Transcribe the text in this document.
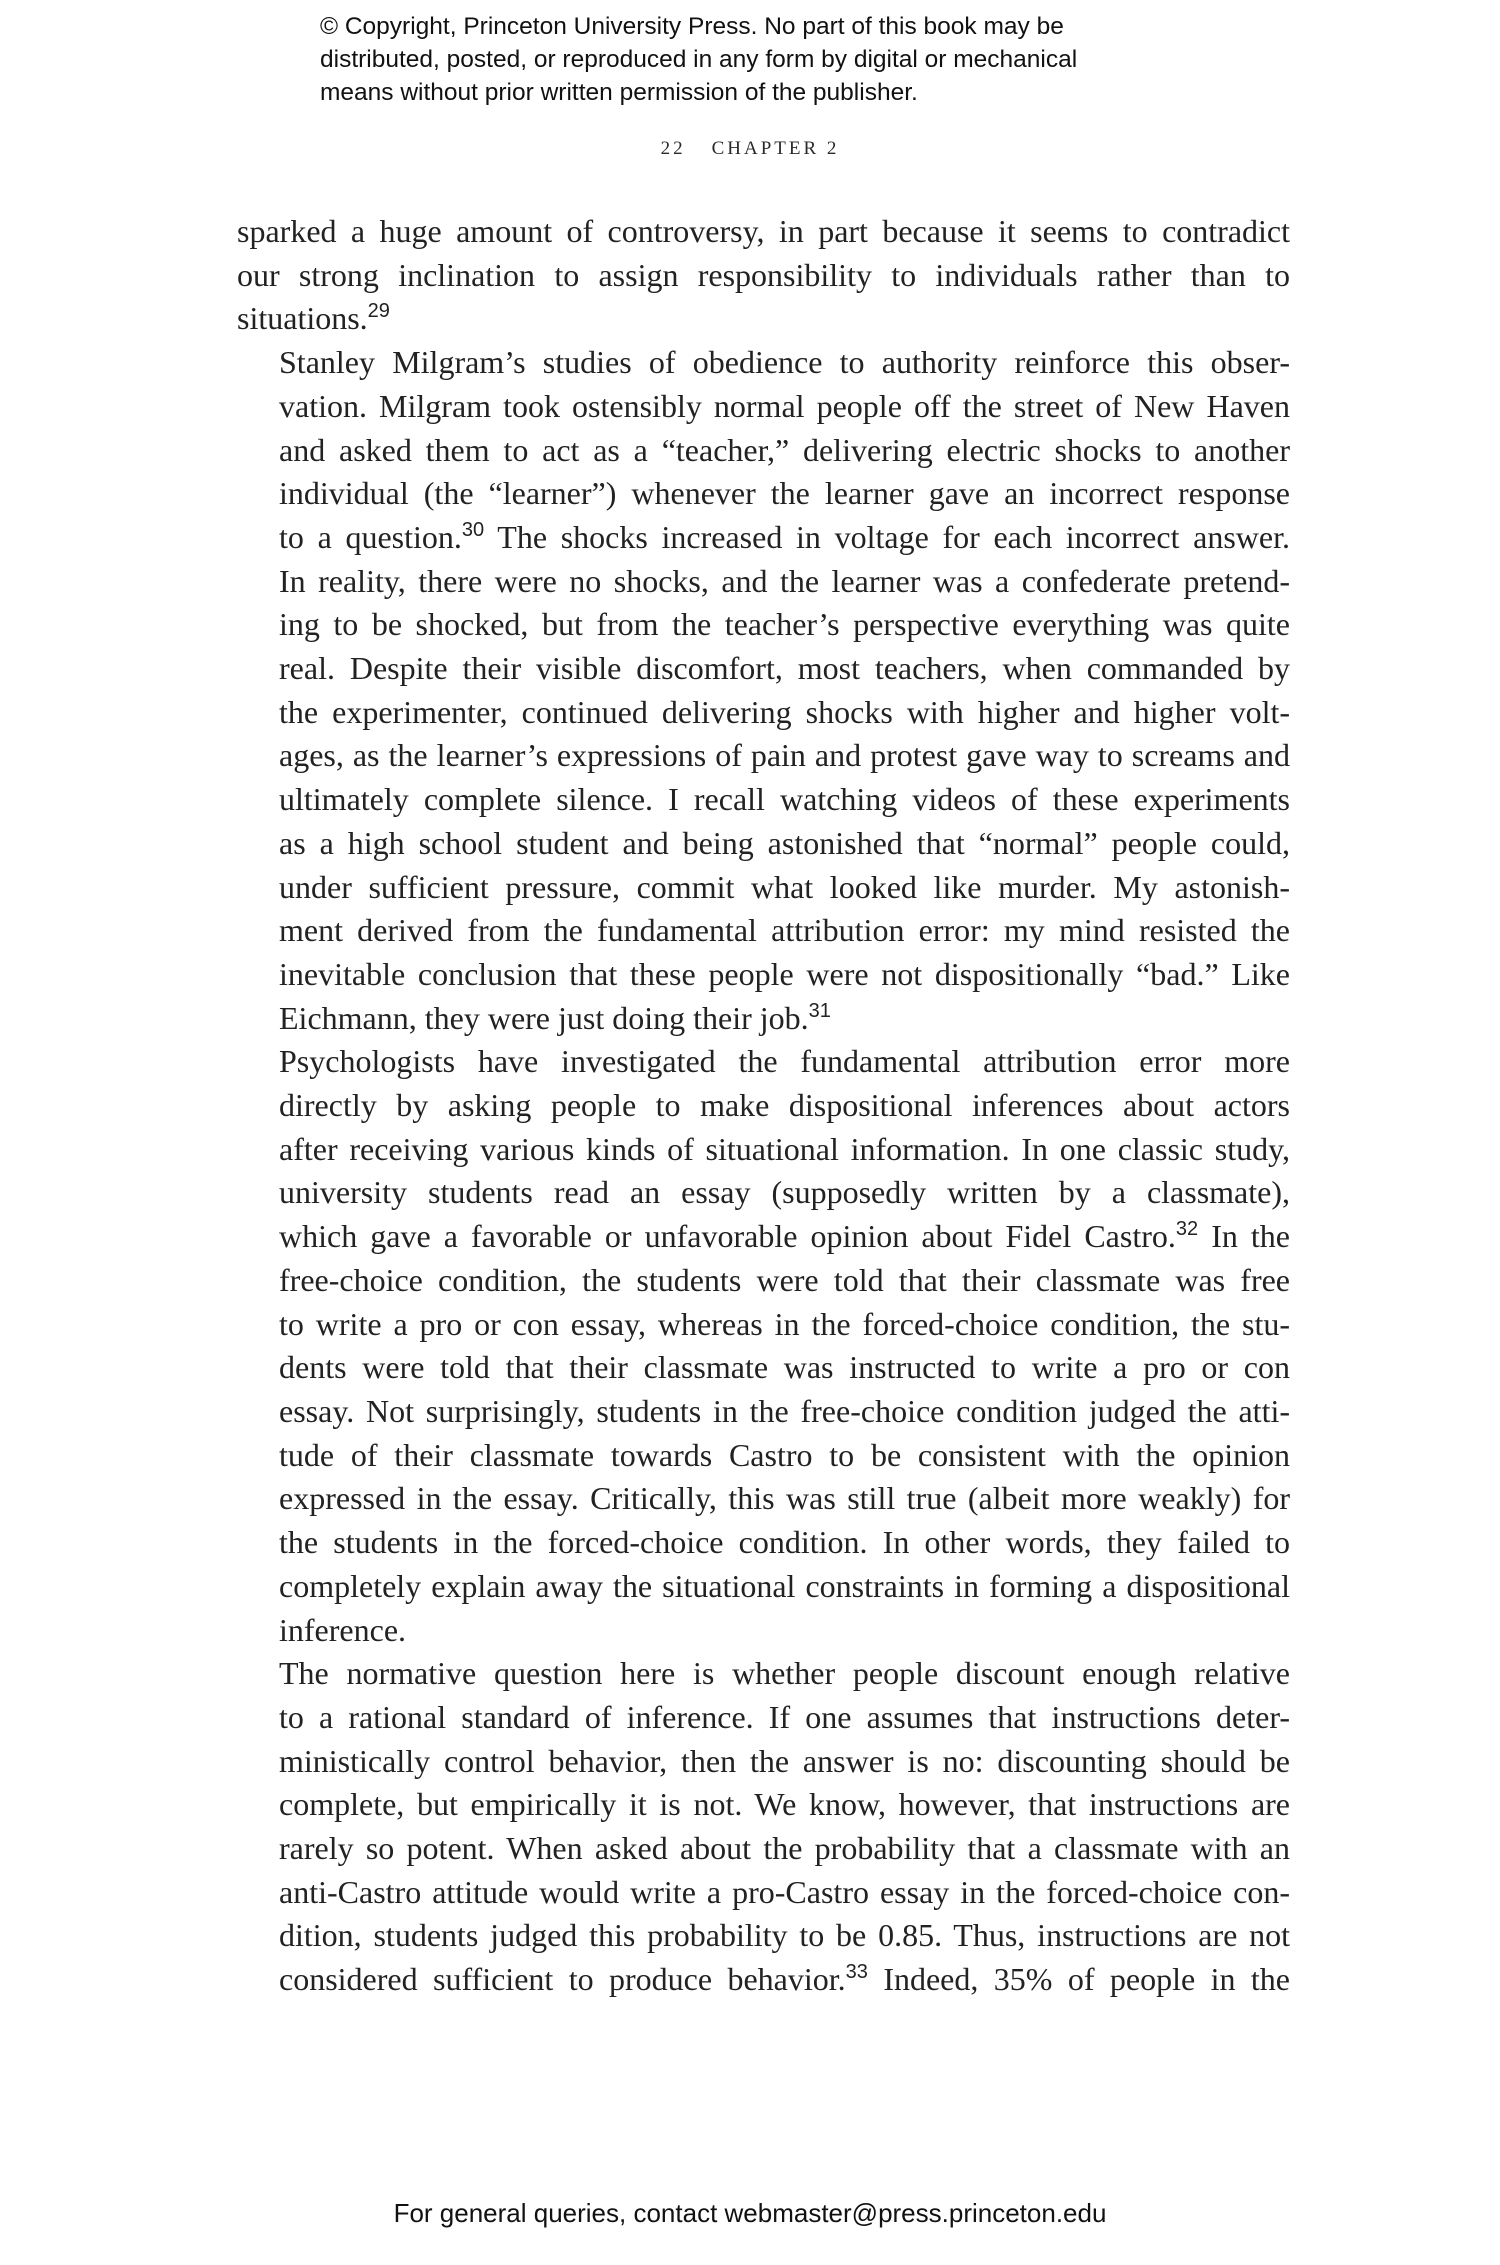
© Copyright, Princeton University Press. No part of this book may be
distributed, posted, or reproduced in any form by digital or mechanical
means without prior written permission of the publisher.
22 CHAPTER 2

sparked a huge amount of controversy, in part because it seems to contradict
our strong inclination to assign responsibility to individuals rather than to
situations.$^{29}$

Stanley Milgram’s studies of obedience to authority reinforce this obser-
vation. Milgram took ostensibly normal people off the street of New Haven
and asked them to act as a “teacher,” delivering electric shocks to another
individual (the “learner”) whenever the learner gave an incorrect response
to a question.$^{30}$ The shocks increased in voltage for each incorrect answer.
In reality, there were no shocks, and the learner was a confederate pretend-
ing to be shocked, but from the teacher’s perspective everything was quite
real. Despite their visible discomfort, most teachers, when commanded by
the experimenter, continued delivering shocks with higher and higher volt-
ages, as the learner’s expressions of pain and protest gave way to screams and
ultimately complete silence. I recall watching videos of these experiments
as a high school student and being astonished that “normal” people could,
under sufficient pressure, commit what looked like murder. My astonish-
ment derived from the fundamental attribution error: my mind resisted the
inevitable conclusion that these people were not dispositionally “bad.” Like
Eichmann, they were just doing their job.$^{31}$

Psychologists have investigated the fundamental attribution error more
directly by asking people to make dispositional inferences about actors
after receiving various kinds of situational information. In one classic study,
university students read an essay (supposedly written by a classmate),
which gave a favorable or unfavorable opinion about Fidel Castro.$^{32}$ In the
free-choice condition, the students were told that their classmate was free
to write a pro or con essay, whereas in the forced-choice condition, the stu-
dents were told that their classmate was instructed to write a pro or con
essay. Not surprisingly, students in the free-choice condition judged the atti-
tude of their classmate towards Castro to be consistent with the opinion
expressed in the essay. Critically, this was still true (albeit more weakly) for
the students in the forced-choice condition. In other words, they failed to
completely explain away the situational constraints in forming a dispositional
inference.

The normative question here is whether people discount enough relative
to a rational standard of inference. If one assumes that instructions deter-
ministically control behavior, then the answer is no: discounting should be
complete, but empirically it is not. We know, however, that instructions are
rarely so potent. When asked about the probability that a classmate with an
anti-Castro attitude would write a pro-Castro essay in the forced-choice con-
dition, students judged this probability to be 0.85. Thus, instructions are not
considered sufficient to produce behavior.$^{33}$ Indeed, 35% of people in the

For general queries, contact webmaster@press.princeton.edu
